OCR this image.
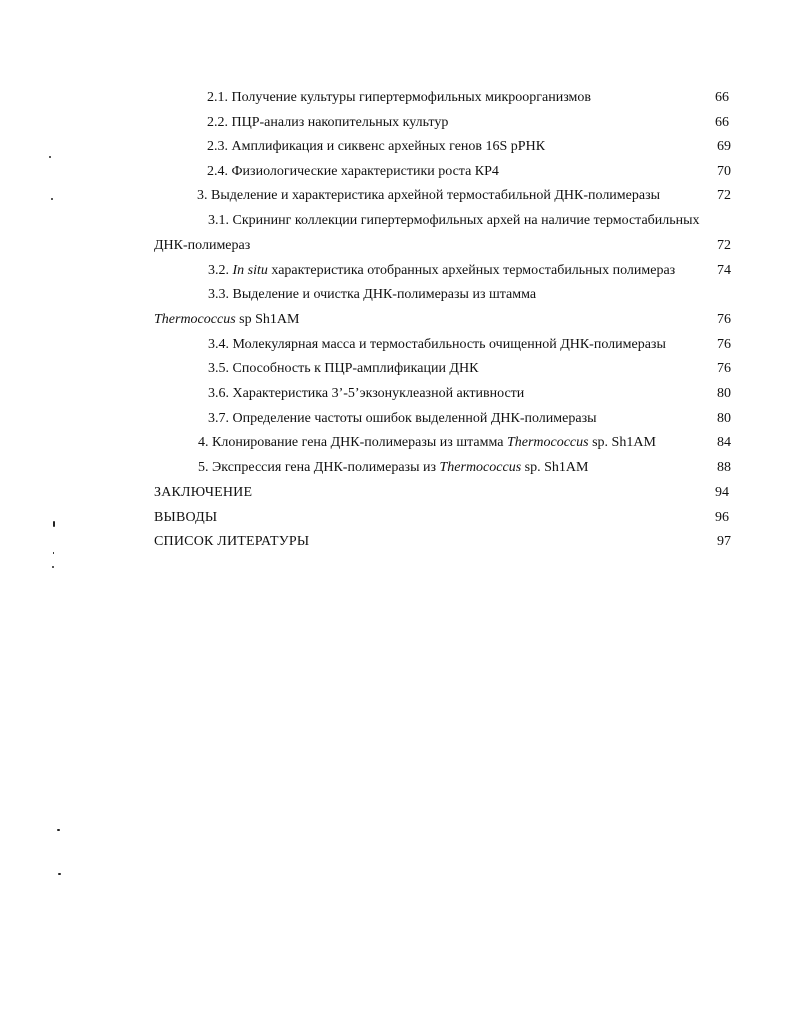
2.1. Получение культуры гипертермофильных микроорганизмов	66
2.2. ПЦР-анализ накопительных культур	66
2.3. Амплификация и сиквенс архейных генов 16S рРНК	69
2.4. Физиологические характеристики роста КР4	70
3. Выделение и характеристика архейной термостабильной ДНК-полимеразы	72
3.1. Скрининг коллекции гипертермофильных архей на наличие термостабильных
ДНК-полимераз	72
3.2. In situ характеристика отобранных архейных термостабильных полимераз	74
3.3. Выделение и очистка ДНК-полимеразы из штамма
Thermococcus sp Sh1AM	76
3.4. Молекулярная масса и термостабильность очищенной ДНК-полимеразы	76
3.5. Способность к ПЦР-амплификации ДНК	76
3.6. Характеристика 3’-5’экзонуклеазной активности	80
3.7. Определение частоты ошибок выделенной ДНК-полимеразы	80
4. Клонирование гена ДНК-полимеразы из штамма Thermococcus sp. Sh1AM	84
5. Экспрессия гена ДНК-полимеразы из Thermococcus sp. Sh1AM	88
ЗАКЛЮЧЕНИЕ	94
ВЫВОДЫ	96
СПИСОК ЛИТЕРАТУРЫ	97
